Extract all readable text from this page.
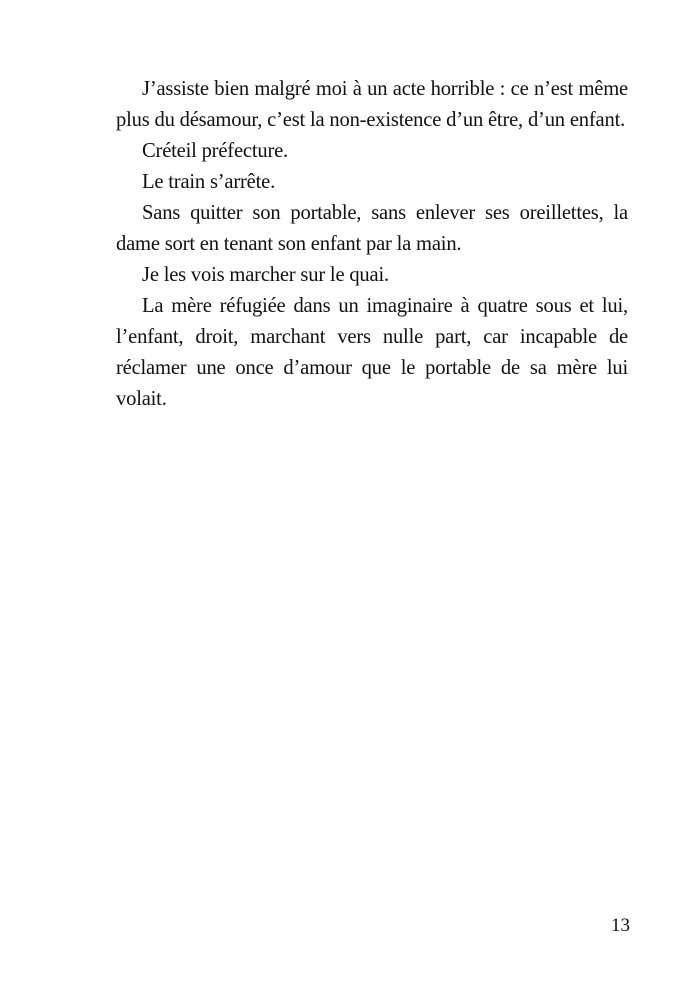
J’assiste bien malgré moi à un acte horrible : ce n’est même plus du désamour, c’est la non-existence d’un être, d’un enfant.

Créteil préfecture.

Le train s’arrête.

Sans quitter son portable, sans enlever ses oreillettes, la dame sort en tenant son enfant par la main.

Je les vois marcher sur le quai.

La mère réfugiée dans un imaginaire à quatre sous et lui, l’enfant, droit, marchant vers nulle part, car incapable de réclamer une once d’amour que le portable de sa mère lui volait.

13
